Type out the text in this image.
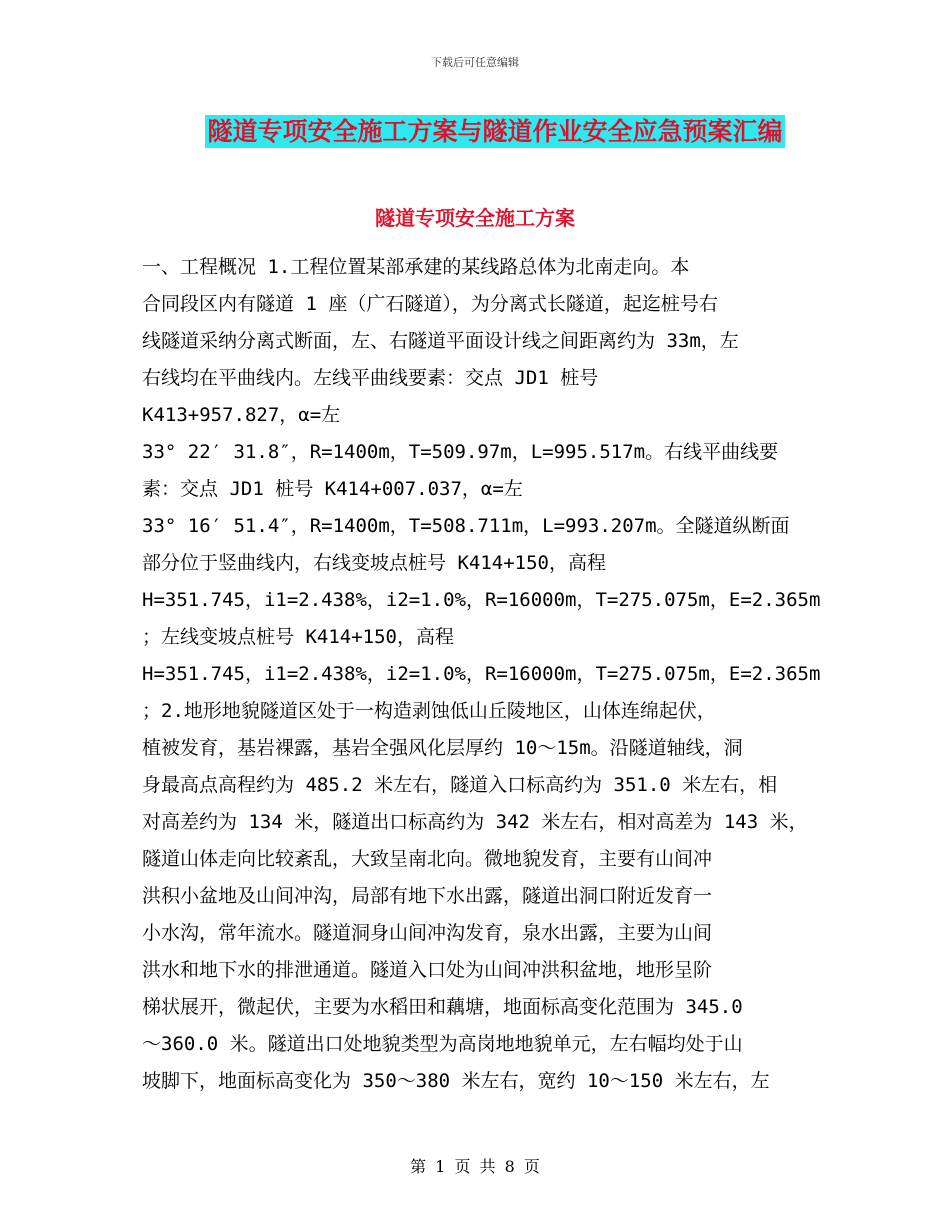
下载后可任意编辑
隧道专项安全施工方案与隧道作业安全应急预案汇编
隧道专项安全施工方案
一、工程概况 1.工程位置某部承建的某线路总体为北南走向。本
合同段区内有隧道 1 座（广石隧道），为分离式长隧道，起迄桩号右
线隧道采纳分离式断面，左、右隧道平面设计线之间距离约为 33m，左
右线均在平曲线内。左线平曲线要素：交点 JD1 桩号
K413+957.827，α=左
33° 22′ 31.8″，R=1400m，T=509.97m，L=995.517m。右线平曲线要
素：交点 JD1 桩号 K414+007.037，α=左
33° 16′ 51.4″，R=1400m，T=508.711m，L=993.207m。全隧道纵断面
部分位于竖曲线内，右线变坡点桩号 K414+150，高程
H=351.745，i1=2.438%，i2=1.0%，R=16000m，T=275.075m，E=2.365m
；左线变坡点桩号 K414+150，高程
H=351.745，i1=2.438%，i2=1.0%，R=16000m，T=275.075m，E=2.365m
；2.地形地貌隧道区处于一构造剥蚀低山丘陵地区，山体连绵起伏，
植被发育，基岩裸露，基岩全强风化层厚约 10～15m。沿隧道轴线，洞
身最高点高程约为 485.2 米左右，隧道入口标高约为 351.0 米左右，相
对高差约为 134 米，隧道出口标高约为 342 米左右，相对高差为 143 米，
隧道山体走向比较紊乱，大致呈南北向。微地貌发育，主要有山间冲
洪积小盆地及山间冲沟，局部有地下水出露，隧道出洞口附近发育一
小水沟，常年流水。隧道洞身山间冲沟发育，泉水出露，主要为山间
洪水和地下水的排泄通道。隧道入口处为山间冲洪积盆地，地形呈阶
梯状展开，微起伏，主要为水稻田和藕塘，地面标高变化范围为 345.0
～360.0 米。隧道出口处地貌类型为高岗地地貌单元，左右幅均处于山
坡脚下，地面标高变化为 350～380 米左右，宽约 10～150 米左右，左
第 1 页 共 8 页
